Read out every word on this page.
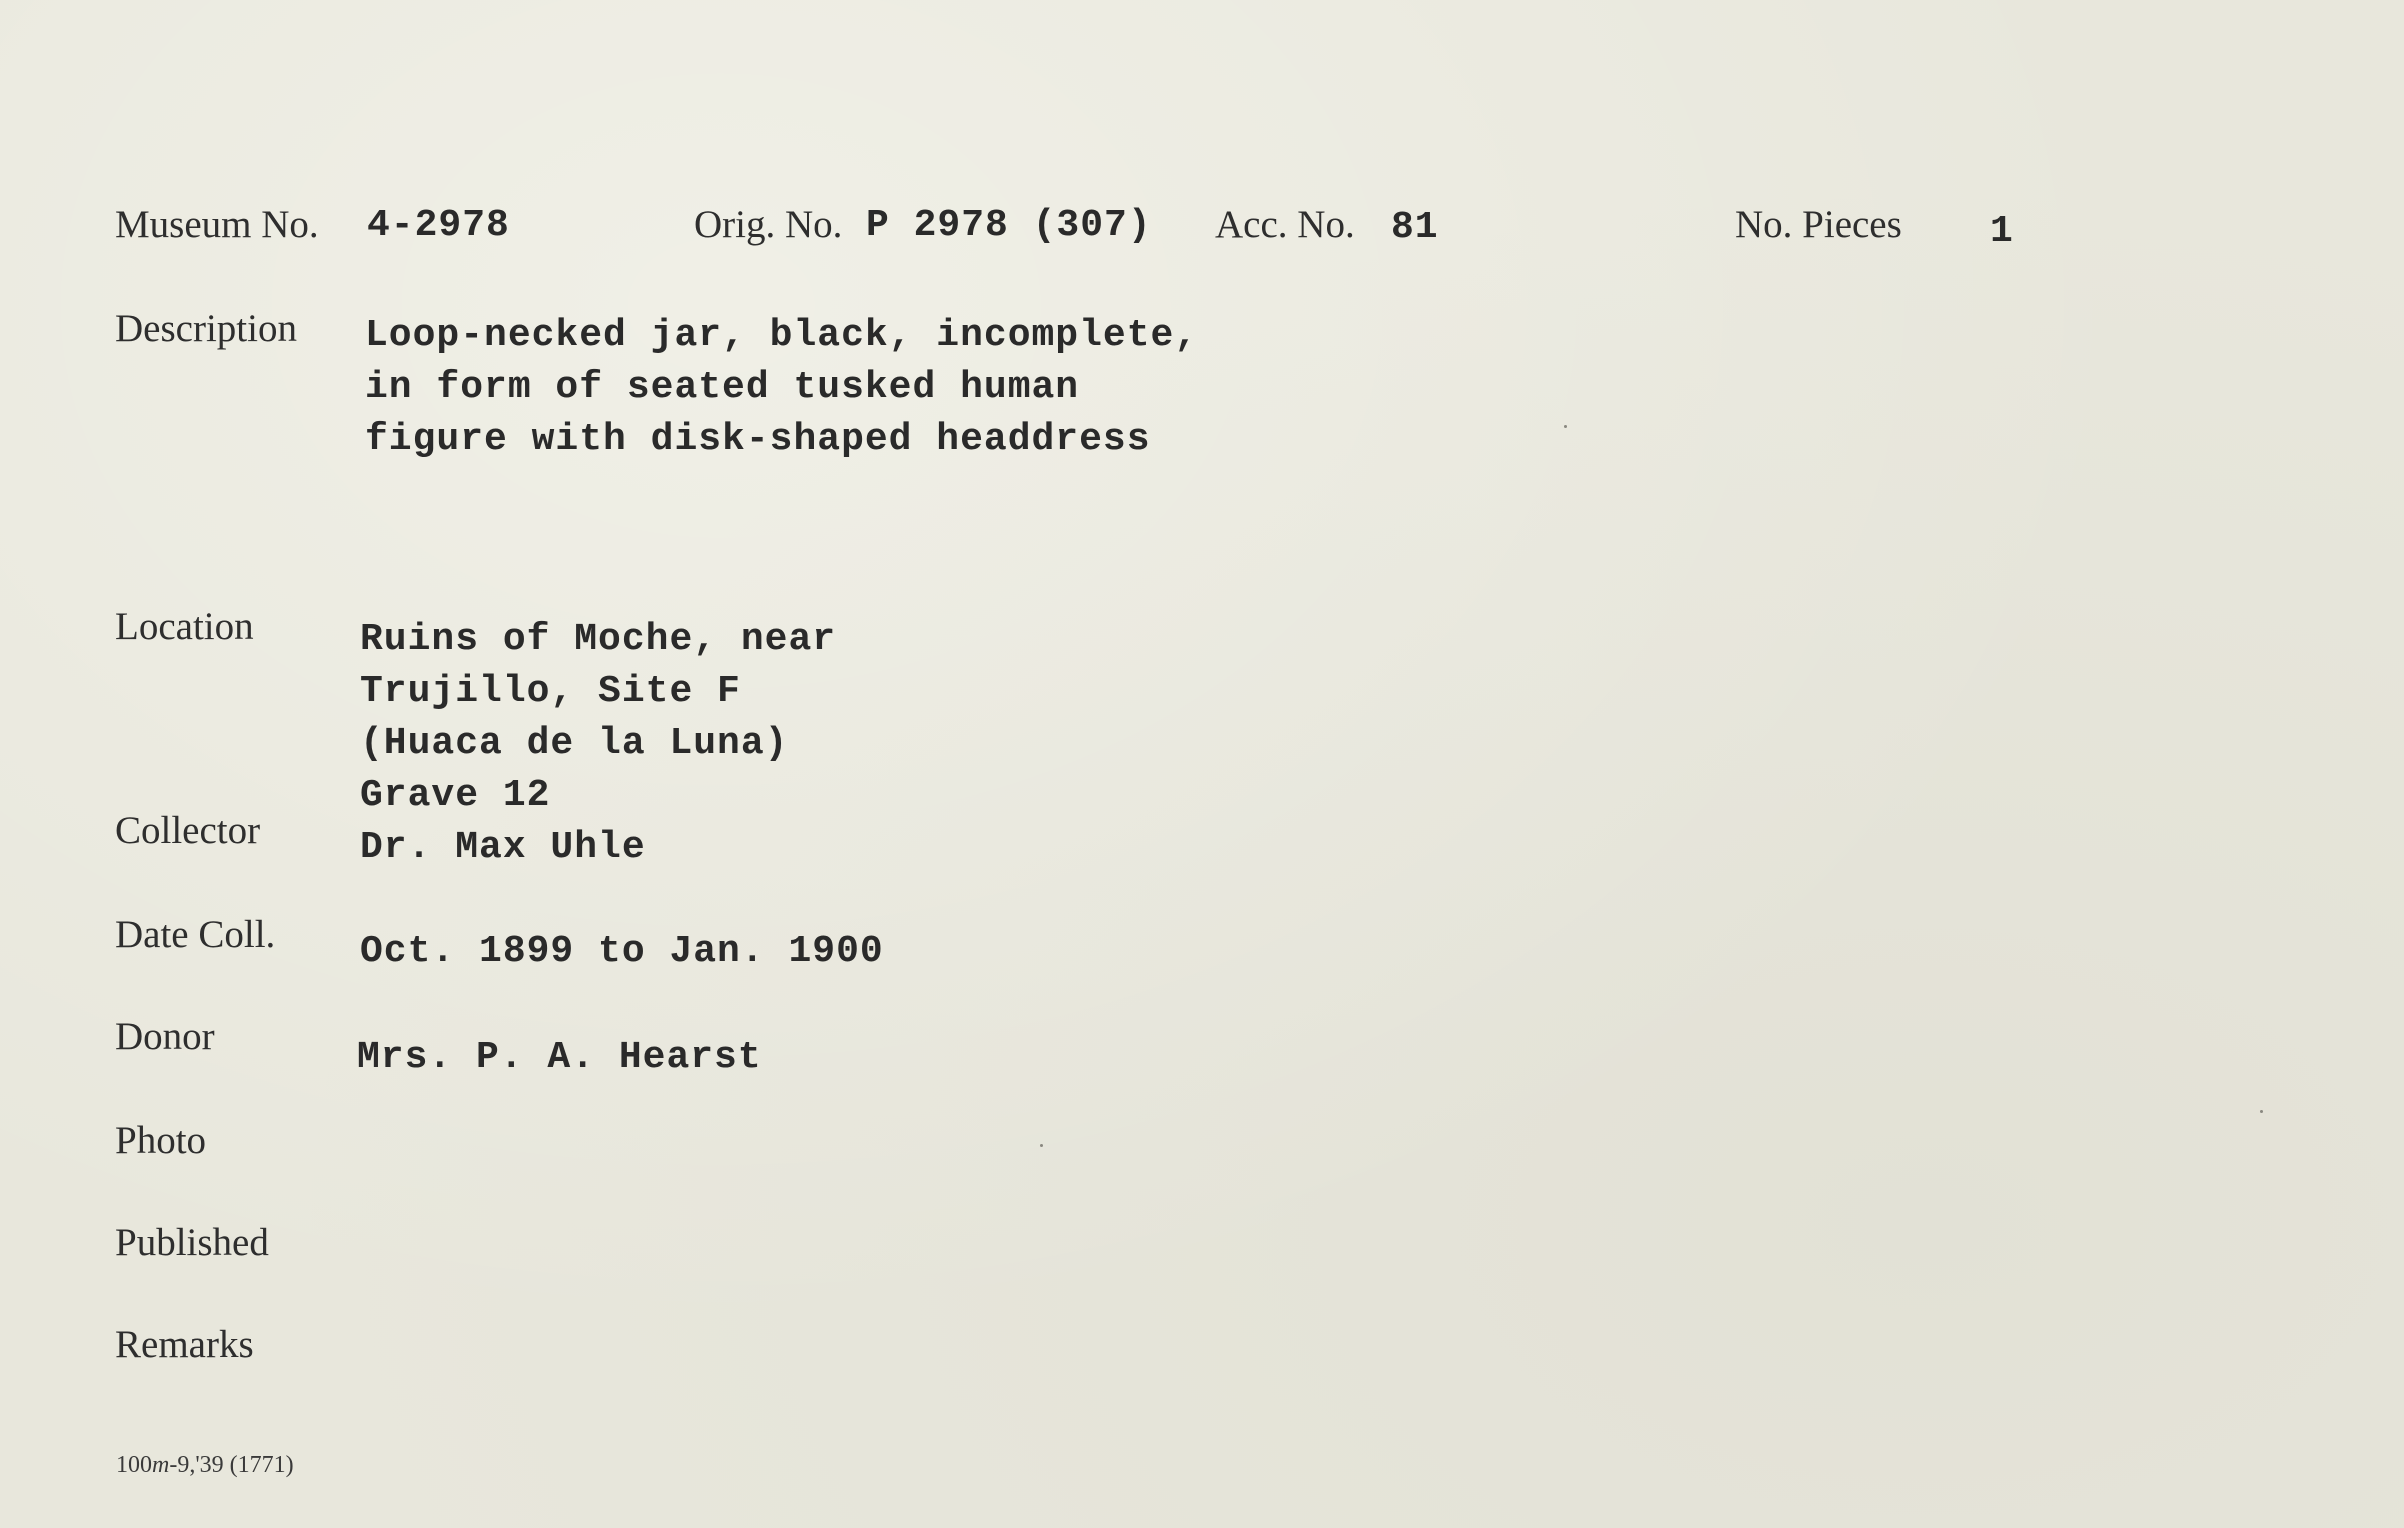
Museum No. 4-2978	Orig. No. P 2978 (307) Acc. No. 81	No. Pieces 1
Description Loop-necked jar, black, incomplete,
in form of seated tusked human
figure with disk-shaped headdress
Location	Ruins of Moche, near
Trujillo, Site F
(Huaca de la Luna)
Grave 12
Collector	Dr. Max Uhle
Date Coll. Oct. 1899 to Jan. 1900
Donor	Mrs. P. A. Hearst
Photo
Published
Remarks
100m-9,'39 (1771)
